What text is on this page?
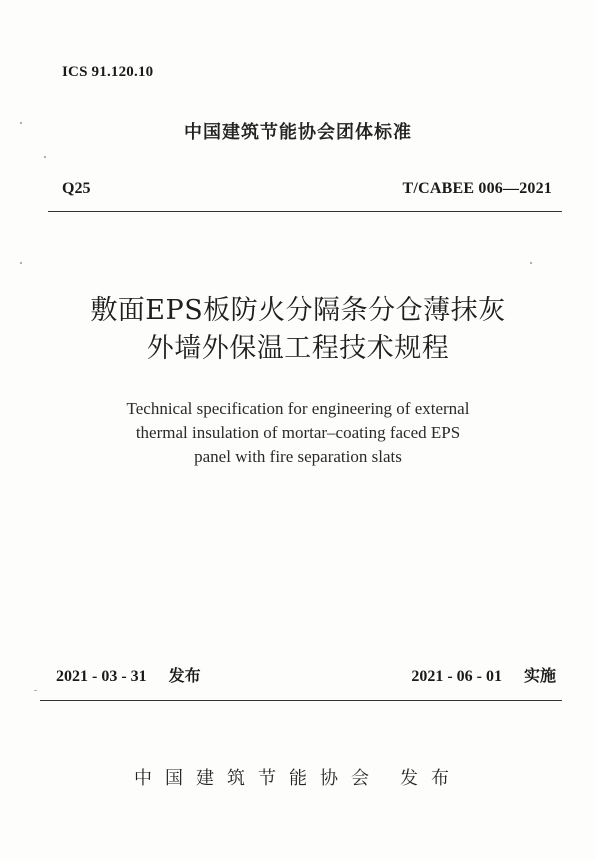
ICS 91.120.10
中国建筑节能协会团体标准
Q25	T/CABEE 006—2021
敷面EPS板防火分隔条分仓薄抹灰
外墙外保温工程技术规程
Technical specification for engineering of external
thermal insulation of mortar–coating faced EPS
panel with fire separation slats
2021 - 03 - 31 发布	2021 - 06 - 01 实施
中国建筑节能协会 发布
